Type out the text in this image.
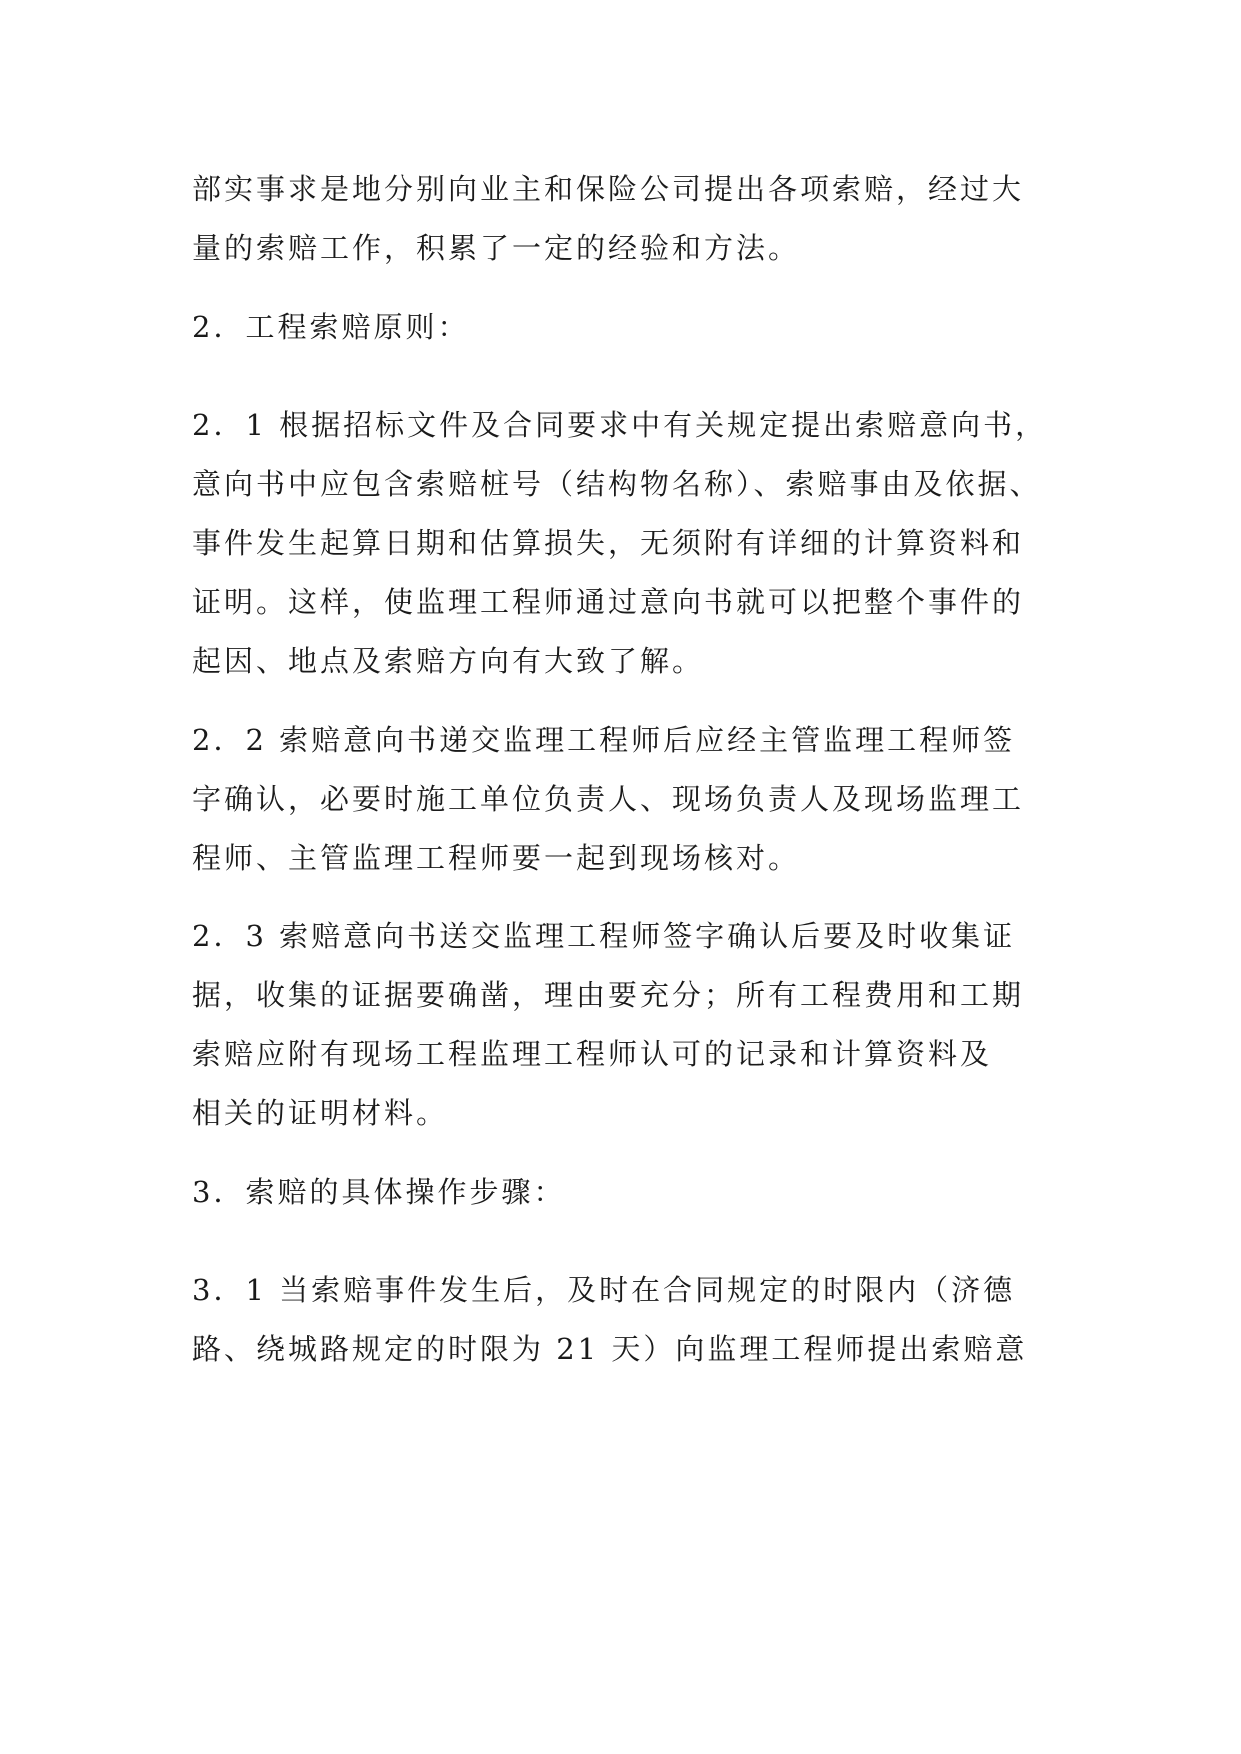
部实事求是地分别向业主和保险公司提出各项索赔，经过大
量的索赔工作，积累了一定的经验和方法。
2．工程索赔原则：
2．1 根据招标文件及合同要求中有关规定提出索赔意向书，
意向书中应包含索赔桩号（结构物名称）、索赔事由及依据、
事件发生起算日期和估算损失，无须附有详细的计算资料和
证明。这样，使监理工程师通过意向书就可以把整个事件的
起因、地点及索赔方向有大致了解。
2．2 索赔意向书递交监理工程师后应经主管监理工程师签
字确认，必要时施工单位负责人、现场负责人及现场监理工
程师、主管监理工程师要一起到现场核对。
2．3 索赔意向书送交监理工程师签字确认后要及时收集证
据，收集的证据要确凿，理由要充分；所有工程费用和工期
索赔应附有现场工程监理工程师认可的记录和计算资料及
相关的证明材料。
3．索赔的具体操作步骤：
3．1 当索赔事件发生后，及时在合同规定的时限内（济德
路、绕城路规定的时限为 21 天）向监理工程师提出索赔意
